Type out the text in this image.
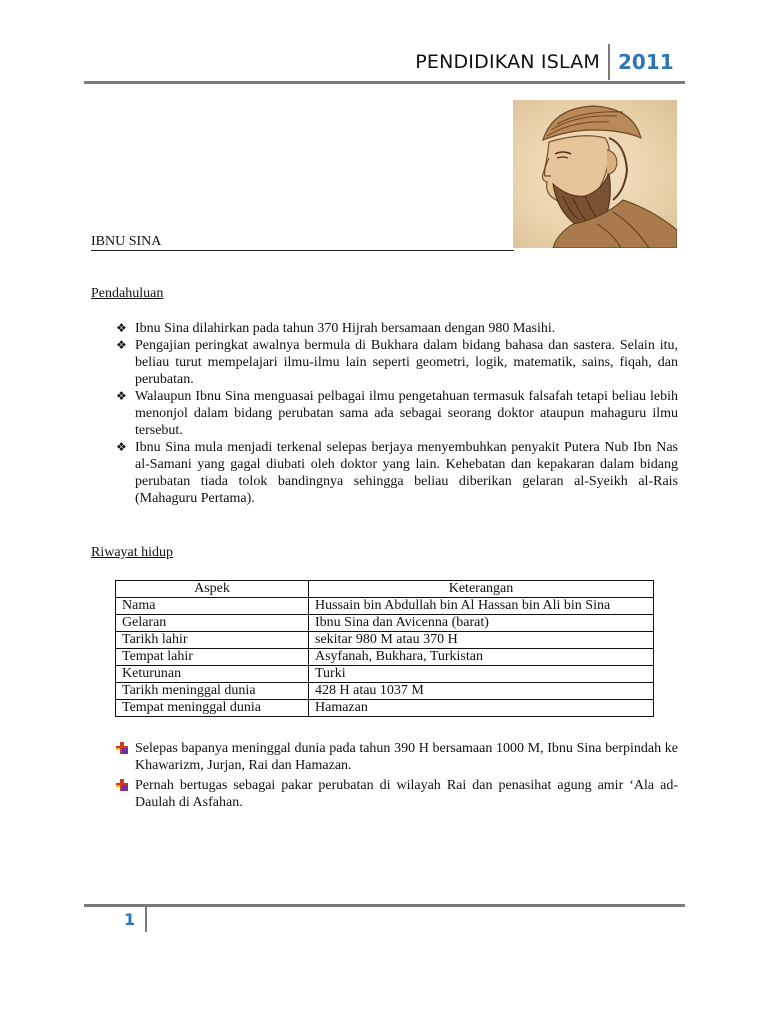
PENDIDIKAN ISLAM 2011
IBNU SINA
Pendahuluan
❖ Ibnu Sina dilahirkan pada tahun 370 Hijrah bersamaan dengan 980 Masihi.
❖ Pengajian peringkat awalnya bermula di Bukhara dalam bidang bahasa dan sastera. Selain itu, beliau turut mempelajari ilmu-ilmu lain seperti geometri, logik, matematik, sains, fiqah, dan perubatan.
❖ Walaupun Ibnu Sina menguasai pelbagai ilmu pengetahuan termasuk falsafah tetapi beliau lebih menonjol dalam bidang perubatan sama ada sebagai seorang doktor ataupun mahaguru ilmu tersebut.
❖ Ibnu Sina mula menjadi terkenal selepas berjaya menyembuhkan penyakit Putera Nub Ibn Nas al-Samani yang gagal diubati oleh doktor yang lain. Kehebatan dan kepakaran dalam bidang perubatan tiada tolok bandingnya sehingga beliau diberikan gelaran al-Syeikh al-Rais (Mahaguru Pertama).
Riwayat hidup
Aspek	Keterangan
Nama	Hussain bin Abdullah bin Al Hassan bin Ali bin Sina
Gelaran	Ibnu Sina dan Avicenna (barat)
Tarikh lahir	sekitar 980 M atau 370 H
Tempat lahir	Asyfanah, Bukhara, Turkistan
Keturunan	Turki
Tarikh meninggal dunia	428 H atau 1037 M
Tempat meninggal dunia	Hamazan
Selepas bapanya meninggal dunia pada tahun 390 H bersamaan 1000 M, Ibnu Sina berpindah ke Khawarizm, Jurjan, Rai dan Hamazan.
Pernah bertugas sebagai pakar perubatan di wilayah Rai dan penasihat agung amir ‘Ala ad-Daulah di Asfahan.
1
